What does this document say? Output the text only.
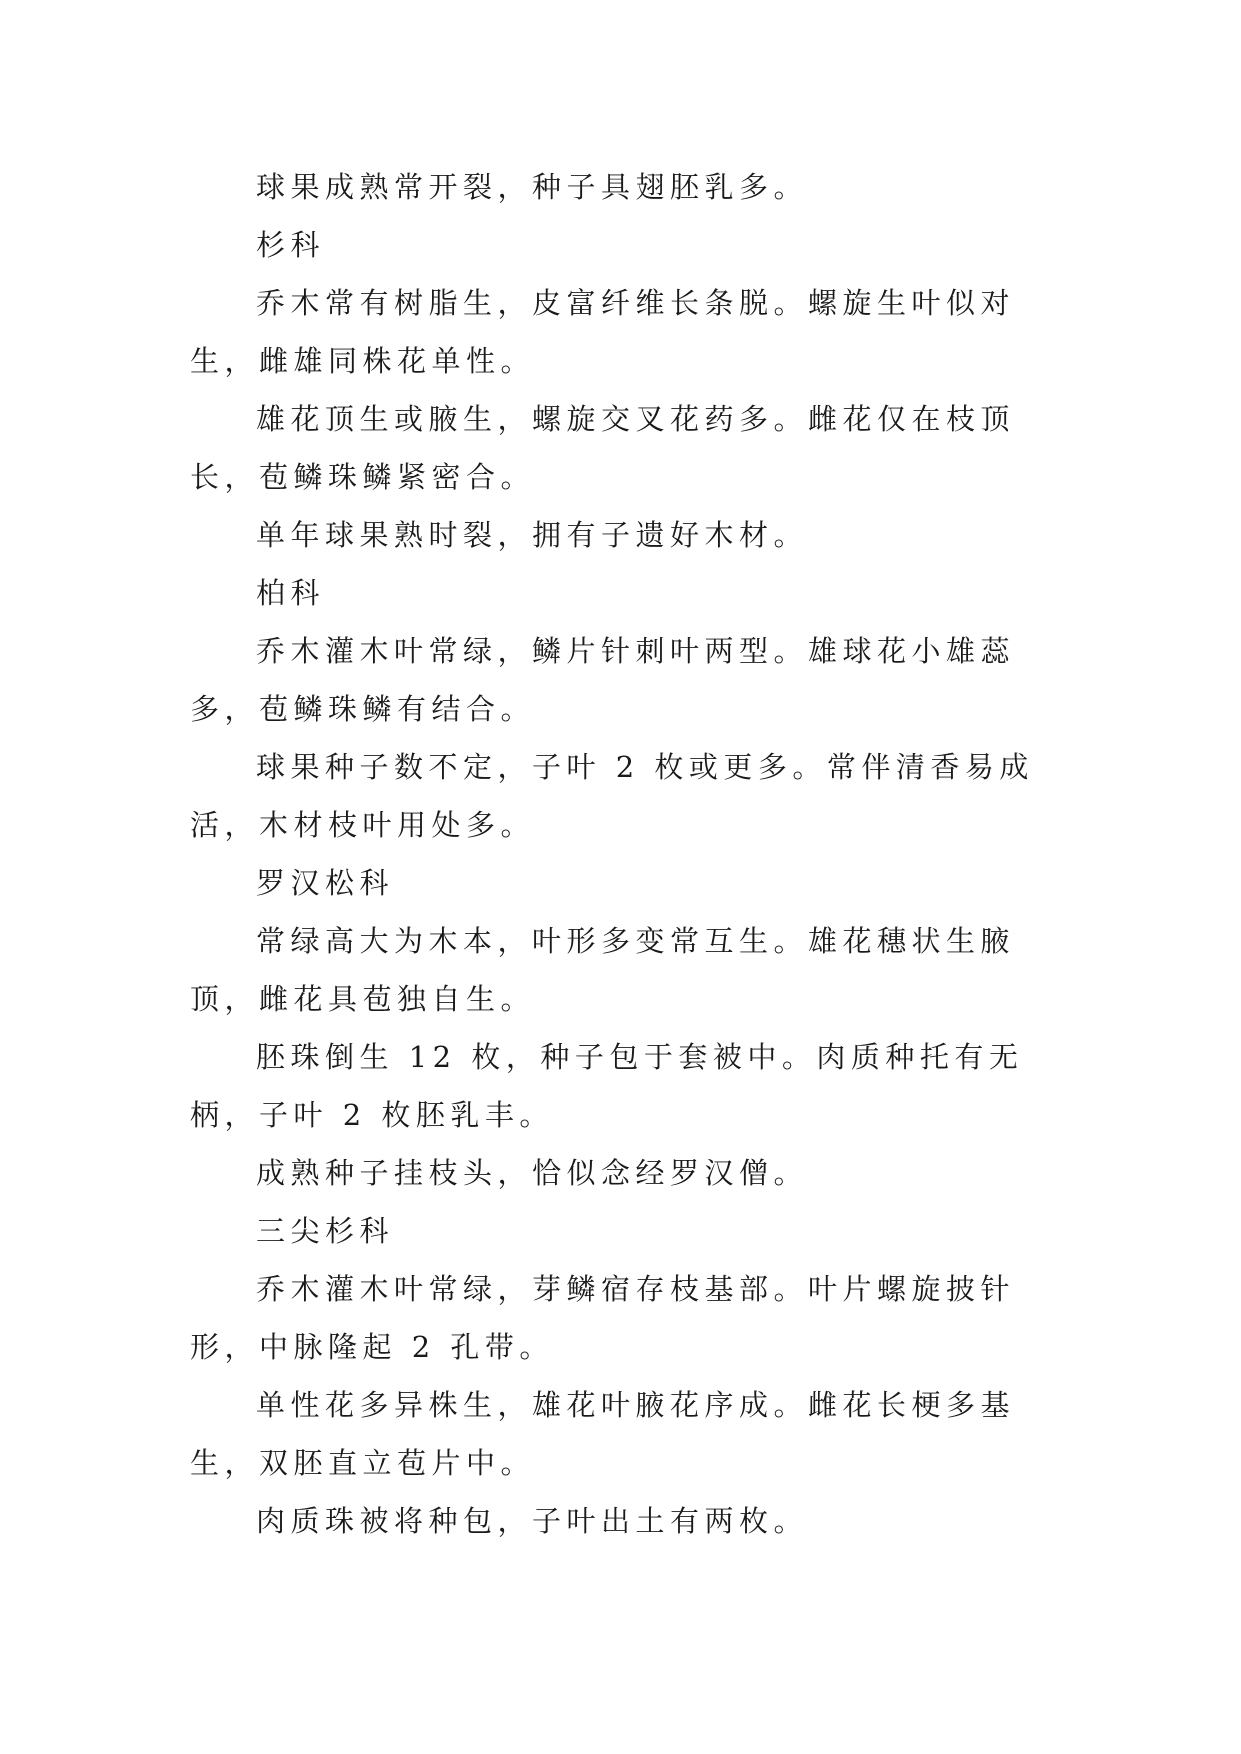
球果成熟常开裂，种子具翅胚乳多。

杉科

乔木常有树脂生，皮富纤维长条脱。螺旋生叶似对生，雌雄同株花单性。

雄花顶生或腋生，螺旋交叉花药多。雌花仅在枝顶长，苞鳞珠鳞紧密合。

单年球果熟时裂，拥有子遗好木材。

柏科

乔木灌木叶常绿，鳞片针刺叶两型。雄球花小雄蕊多，苞鳞珠鳞有结合。

球果种子数不定，子叶 2 枚或更多。常伴清香易成活，木材枝叶用处多。

罗汉松科

常绿高大为木本，叶形多变常互生。雄花穗状生腋顶，雌花具苞独自生。

胚珠倒生 12 枚，种子包于套被中。肉质种托有无柄，子叶 2 枚胚乳丰。

成熟种子挂枝头，恰似念经罗汉僧。

三尖杉科

乔木灌木叶常绿，芽鳞宿存枝基部。叶片螺旋披针形，中脉隆起 2 孔带。

单性花多异株生，雄花叶腋花序成。雌花长梗多基生，双胚直立苞片中。

肉质珠被将种包，子叶出土有两枚。
